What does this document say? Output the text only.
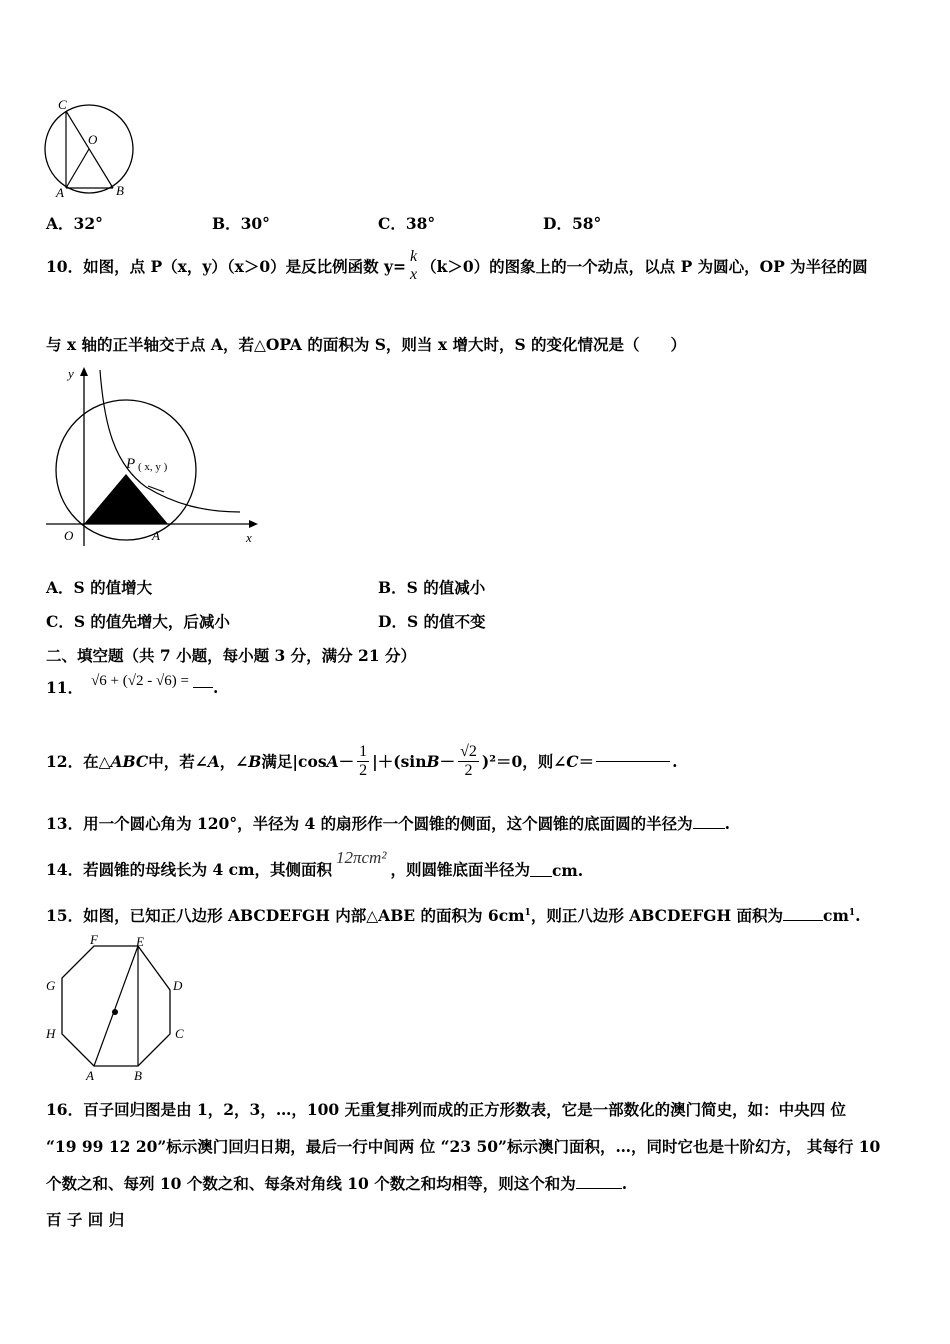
C
O
A	B
A．32°	B．30°	C．38°	D．58°
10．如图，点 P（x，y）（x＞0）是反比例函数 y=
k
x （k＞0）的图象上的一个动点，以点 P 为圆心，OP 为半径的圆
与 x 轴的正半轴交于点 A，若△OPA 的面积为 S，则当 x 增大时，S 的变化情况是（　　）
y
x
O	A
P ( x, y )
A．S 的值增大	B．S 的值减小
C．S 的值先增大，后减小	D．S 的值不变
二、填空题（共 7 小题，每小题 3 分，满分 21 分）
11． √6 + (√2 - √6) = .
12．在△ ABC 中，若∠ A ，∠ B 满足|cos $A - \frac{1}{2} |+(\sin$ $B - \frac{√2}{2} )^2=0$，则∠ C ＝	.
13．用一个圆心角为 120°，半径为 4 的扇形作一个圆锥的侧面，这个圆锥的底面圆的半径为 .
14．若圆锥的母线长为 4 cm，其侧面积
12πcm²
，则圆锥底面半径为 cm.
15．如图，已知正八边形 ABCDEFGH 内部△ABE 的面积为 $6cm^1$，则正八边形 ABCDEFGH 面积为	$cm^1$.
A	B
C
D
E
F
G
H
16．百子回归图是由 1，2，3，…，100 无重复排列而成的正方形数表，它是一部数化的澳门简史，如：中央四 位
“19 99 12 20”标示澳门回归日期，最后一行中间两 位 “23 50”标示澳门面积，…，同时它也是十阶幻方， 其每行 10
个数之和、每列 10 个数之和、每条对角线 10 个数之和均相等，则这个和为	.
百 子 回 归
